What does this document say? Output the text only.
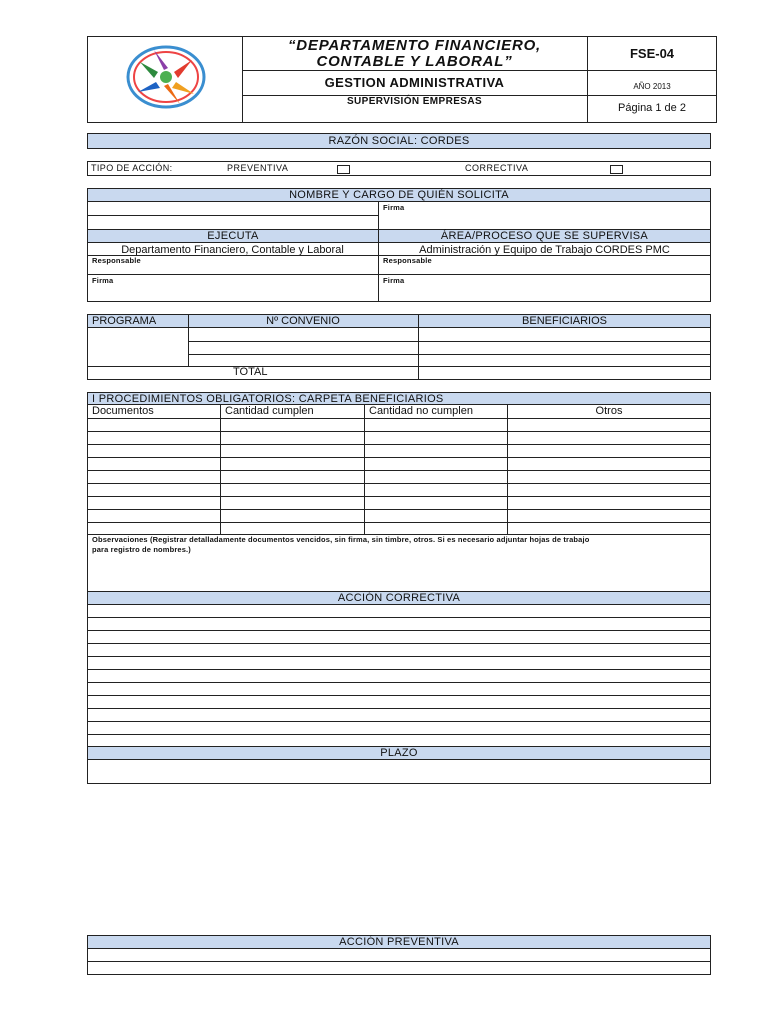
“DEPARTAMENTO FINANCIERO,
CONTABLE Y LABORAL”	FSE-04
GESTION ADMINISTRATIVA	AÑO 2013
SUPERVISIÓN EMPRESAS
Página 1 de 2
RAZÓN SOCIAL: CORDES
TIPO DE ACCIÓN:	PREVENTIVA	CORRECTIVA
NOMBRE Y CARGO DE QUIÉN SOLICITA
Firma
EJECUTA	ÁREA/PROCESO QUE SE SUPERVISA
Departamento Financiero, Contable y Laboral	Administración y Equipo de Trabajo CORDES PMC
Responsable	Responsable
Firma	Firma
PROGRAMA	Nº CONVENIO	BENEFICIARIOS
TOTAL
I PROCEDIMIENTOS OBLIGATORIOS: CARPETA BENEFICIARIOS
Documentos	Cantidad cumplen	Cantidad no cumplen	Otros
Observaciones (Registrar detalladamente documentos vencidos, sin firma, sin timbre, otros. Si es necesario adjuntar hojas de trabajo
para registro de nombres.)
ACCIÓN CORRECTIVA
PLAZO
ACCIÓN PREVENTIVA
